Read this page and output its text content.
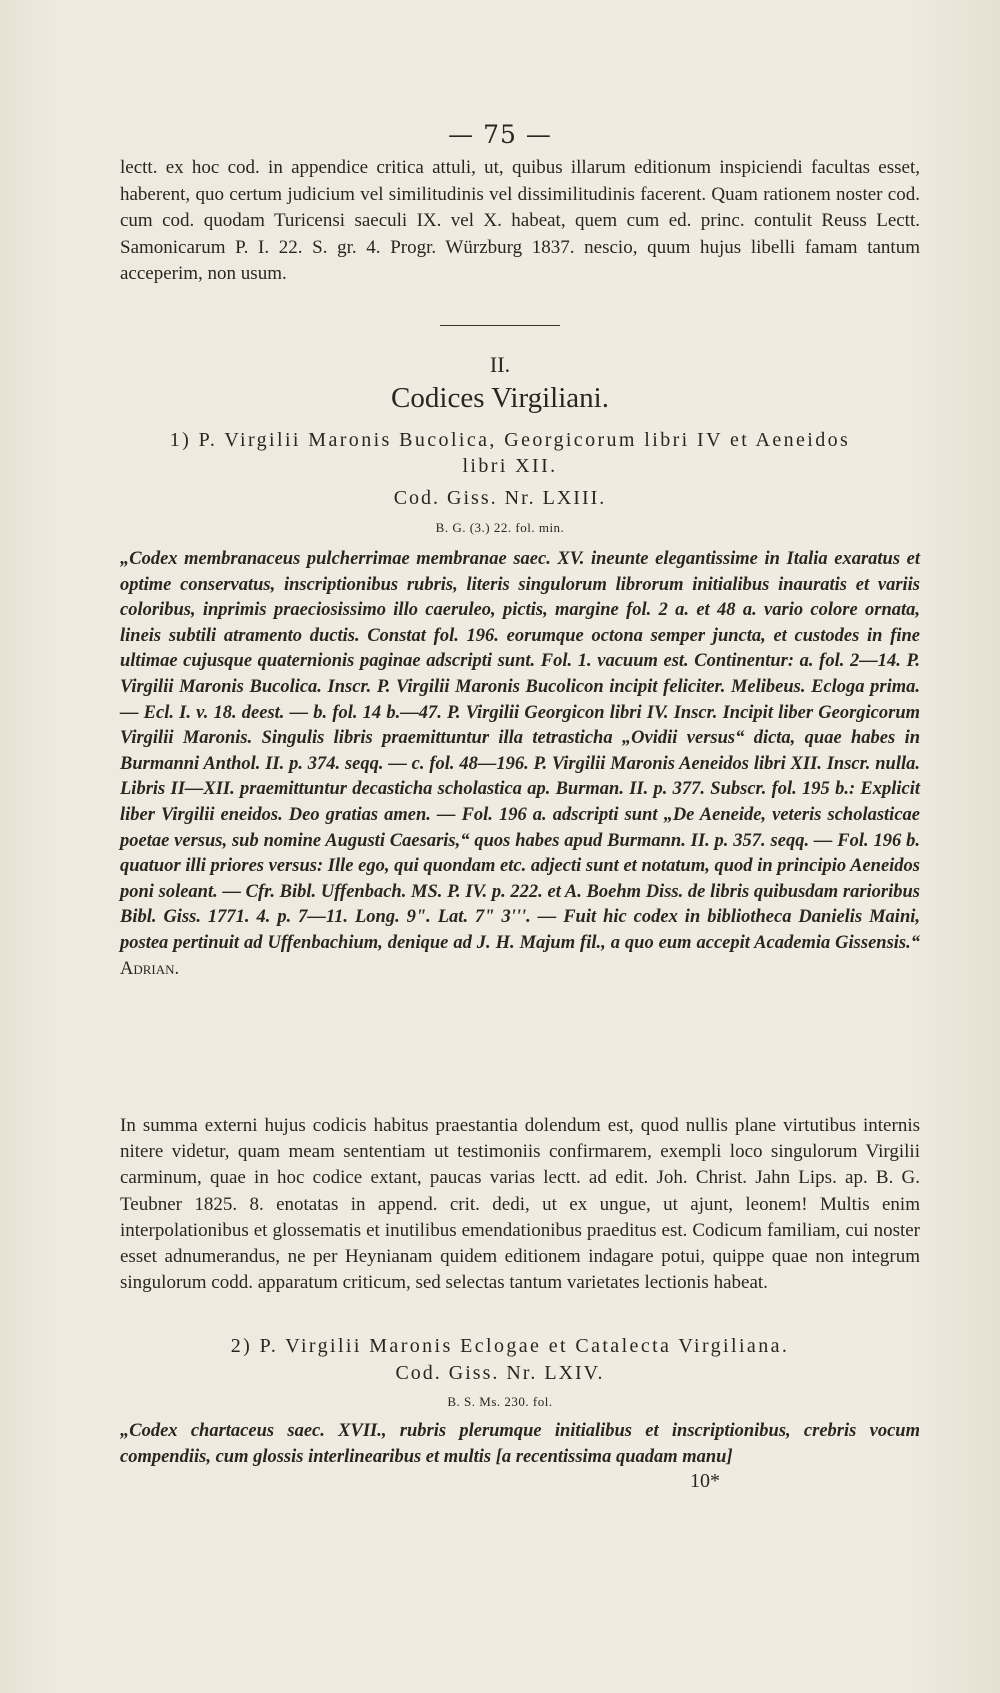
— 75 —

lectt. ex hoc cod. in appendice critica attuli, ut, quibus illarum editionum inspiciendi facultas esset, haberent, quo certum judicium vel similitudinis vel dissimilitudinis facerent. Quam rationem noster cod. cum cod. quodam Turicensi saeculi IX. vel X. habeat, quem cum ed. princ. contulit Reuss Lectt. Samonicarum P. I. 22. S. gr. 4. Progr. Würzburg 1837. nescio, quum hujus libelli famam tantum acceperim, non usum.

II.
Codices Virgiliani.
1) P. Virgilii Maronis Bucolica, Georgicorum libri IV et Aeneidos
libri XII.
Cod. Giss. Nr. LXIII.
B. G. (3.) 22. fol. min.

„Codex membranaceus pulcherrimae membranae saec. XV. ineunte elegantissime in Italia exaratus et optime conservatus, inscriptionibus rubris, literis singulorum librorum initialibus inauratis et variis coloribus, inprimis praeciosissimo illo caeruleo, pictis, margine fol. 2 a. et 48 a. vario colore ornata, lineis subtili atramento ductis. Constat fol. 196. eorumque octona semper juncta, et custodes in fine ultimae cujusque quaternionis paginae adscripti sunt. Fol. 1. vacuum est. Continentur: a. fol. 2—14. P. Virgilii Maronis Bucolica. Inscr. P. Virgilii Maronis Bucolicon incipit feliciter. Melibeus. Ecloga prima. — Ecl. I. v. 18. deest. — b. fol. 14 b.—47. P. Virgilii Georgicon libri IV. Inscr. Incipit liber Georgicorum Virgilii Maronis. Singulis libris praemittuntur illa tetrasticha „Ovidii versus“ dicta, quae habes in Burmanni Anthol. II. p. 374. seqq. — c. fol. 48—196. P. Virgilii Maronis Aeneidos libri XII. Inscr. nulla. Libris II—XII. praemittuntur decasticha scholastica ap. Burman. II. p. 377. Subscr. fol. 195 b.: Explicit liber Virgilii eneidos. Deo gratias amen. — Fol. 196 a. adscripti sunt „De Aeneide, veteris scholasticae poetae versus, sub nomine Augusti Caesaris,“ quos habes apud Burmann. II. p. 357. seqq. — Fol. 196 b. quatuor illi priores versus: Ille ego, qui quondam etc. adjecti sunt et notatum, quod in principio Aeneidos poni soleant. — Cfr. Bibl. Uffenbach. MS. P. IV. p. 222. et A. Boehm Diss. de libris quibusdam rarioribus Bibl. Giss. 1771. 4. p. 7—11. Long. 9". Lat. 7" 3'''. — Fuit hic codex in bibliotheca Danielis Maini, postea pertinuit ad Uffenbachium, denique ad J. H. Majum fil., a quo eum accepit Academia Gissensis.“ Adrian.

In summa externi hujus codicis habitus praestantia dolendum est, quod nullis plane virtutibus internis nitere videtur, quam meam sententiam ut testimoniis confirmarem, exempli loco singulorum Virgilii carminum, quae in hoc codice extant, paucas varias lectt. ad edit. Joh. Christ. Jahn Lips. ap. B. G. Teubner 1825. 8. enotatas in append. crit. dedi, ut ex ungue, ut ajunt, leonem! Multis enim interpolationibus et glossematis et inutilibus emendationibus praeditus est. Codicum familiam, cui noster esset adnumerandus, ne per Heynianam quidem editionem indagare potui, quippe quae non integrum singulorum codd. apparatum criticum, sed selectas tantum varietates lectionis habeat.

2) P. Virgilii Maronis Eclogae et Catalecta Virgiliana.
Cod. Giss. Nr. LXIV.
B. S. Ms. 230. fol.

„Codex chartaceus saec. XVII., rubris plerumque initialibus et inscriptionibus, crebris vocum compendiis, cum glossis interlinearibus et multis [a recentissima quadam manu]

10*
